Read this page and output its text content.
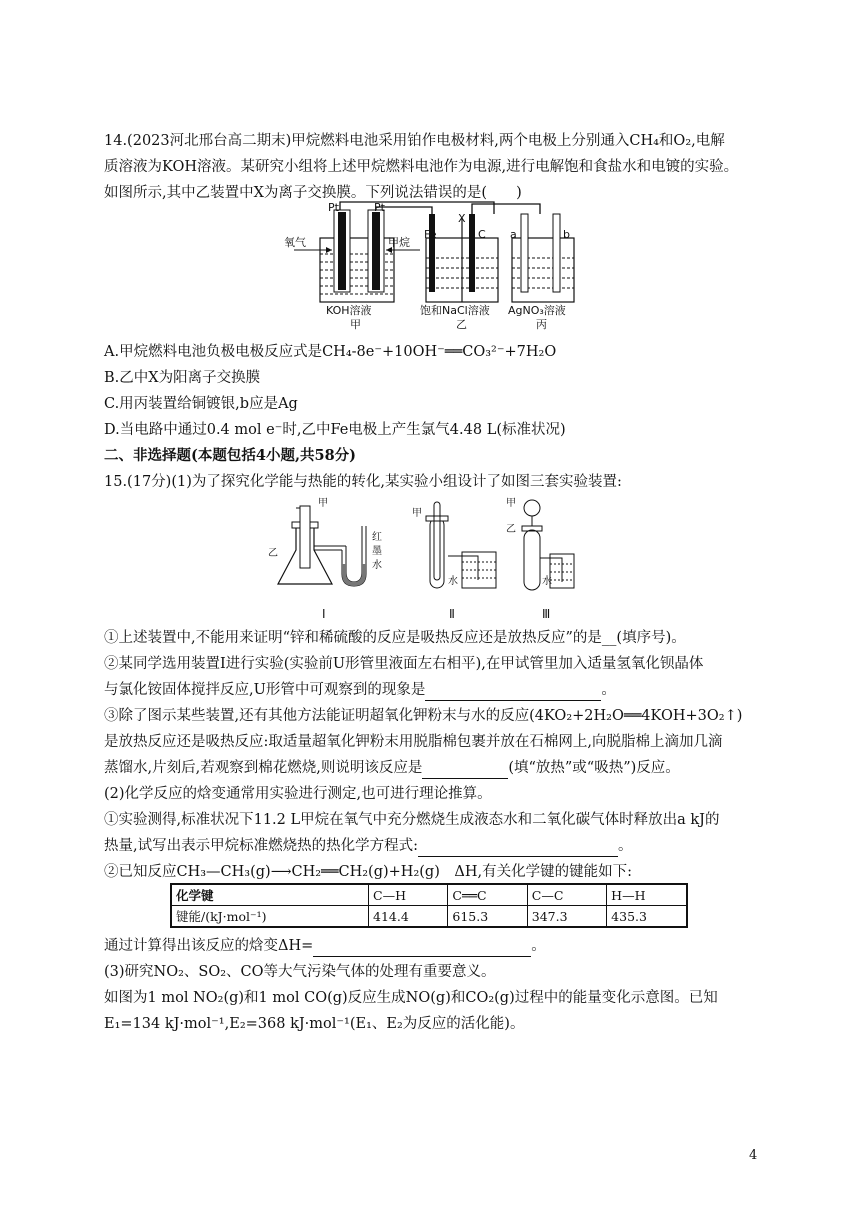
14.(2023河北邢台高二期末)甲烷燃料电池采用铂作电极材料,两个电极上分别通入CH₄和O₂,电解
质溶液为KOH溶液。某研究小组将上述甲烷燃料电池作为电源,进行电解饱和食盐水和电镀的实验。
如图所示,其中乙装置中X为离子交换膜。下列说法错误的是(　　)
Pt	Pt
氧气	甲烷
KOH溶液
甲
Fe
X
C
饱和NaCl溶液
乙
a	b
AgNO₃溶液
丙
A.甲烷燃料电池负极电极反应式是CH₄-8e⁻+10OH⁻══CO₃²⁻+7H₂O
B.乙中X为阳离子交换膜
C.用丙装置给铜镀银,b应是Ag
D.当电路中通过0.4 mol e⁻时,乙中Fe电极上产生氯气4.48 L(标准状况)
二、非选择题(本题包括4小题,共58分)
15.(17分)(1)为了探究化学能与热能的转化,某实验小组设计了如图三套实验装置:
甲
乙
红
墨
水
Ⅰ
甲
水
Ⅱ
甲
乙
水
Ⅲ
①上述装置中,不能用来证明“锌和稀硫酸的反应是吸热反应还是放热反应”的是__(填序号)。
②某同学选用装置Ⅰ进行实验(实验前U形管里液面左右相平),在甲试管里加入适量氢氧化钡晶体
与氯化铵固体搅拌反应,U形管中可观察到的现象是	。
③除了图示某些装置,还有其他方法能证明超氧化钾粉末与水的反应(4KO₂+2H₂O══4KOH+3O₂↑)
是放热反应还是吸热反应:取适量超氧化钾粉末用脱脂棉包裹并放在石棉网上,向脱脂棉上滴加几滴
蒸馏水,片刻后,若观察到棉花燃烧,则说明该反应是	(填“放热”或“吸热”)反应。
(2)化学反应的焓变通常用实验进行测定,也可进行理论推算。
①实验测得,标准状况下11.2 L甲烷在氧气中充分燃烧生成液态水和二氧化碳气体时释放出a kJ的
热量,试写出表示甲烷标准燃烧热的热化学方程式:	。
②已知反应CH₃—CH₃(g)⟶CH₂══CH₂(g)+H₂(g)　ΔH,有关化学键的键能如下:
化学键	C—H	C══C	C—C	H—H
键能/(kJ·mol⁻¹)	414.4	615.3	347.3	435.3
通过计算得出该反应的焓变ΔH=	。
(3)研究NO₂、SO₂、CO等大气污染气体的处理有重要意义。
如图为1 mol NO₂(g)和1 mol CO(g)反应生成NO(g)和CO₂(g)过程中的能量变化示意图。已知
E₁=134 kJ·mol⁻¹,E₂=368 kJ·mol⁻¹(E₁、E₂为反应的活化能)。
4
